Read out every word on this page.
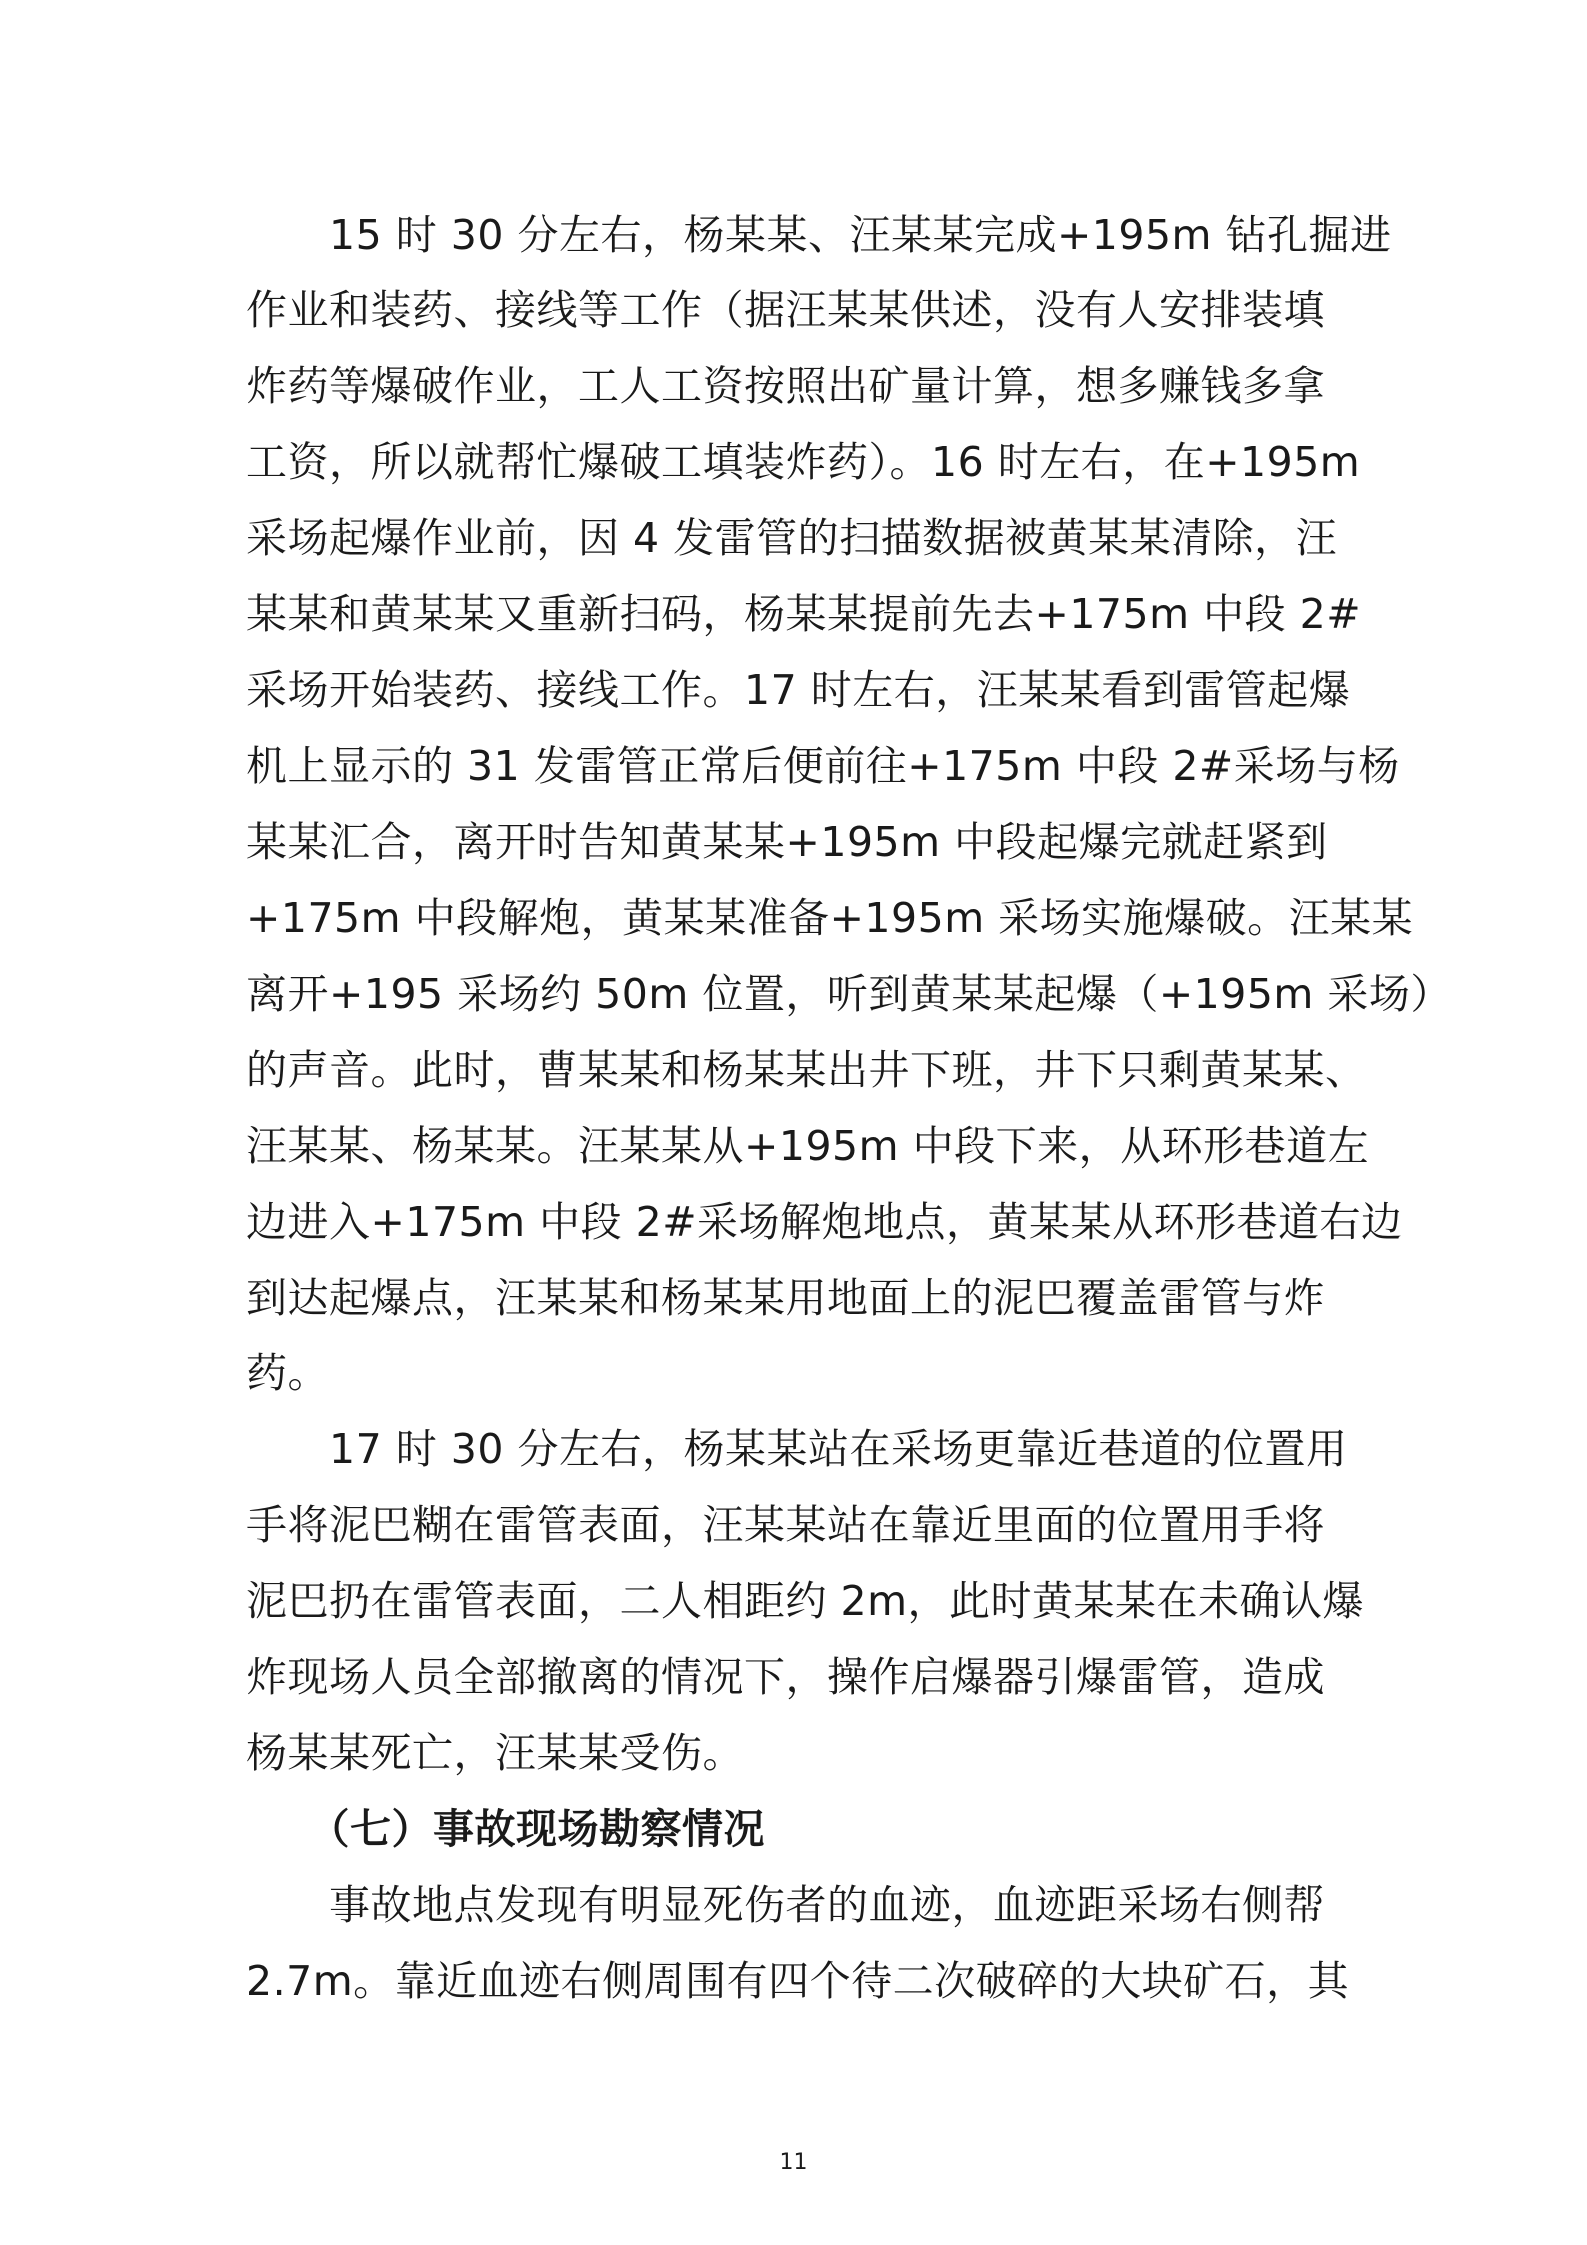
　　15 时 30 分左右，杨某某、汪某某完成+195m 钻孔掘进
作业和装药、接线等工作（据汪某某供述，没有人安排装填
炸药等爆破作业，工人工资按照出矿量计算，想多赚钱多拿
工资，所以就帮忙爆破工填装炸药）。16 时左右，在+195m
采场起爆作业前，因 4 发雷管的扫描数据被黄某某清除，汪
某某和黄某某又重新扫码，杨某某提前先去+175m 中段 2#
采场开始装药、接线工作。17 时左右，汪某某看到雷管起爆
机上显示的 31 发雷管正常后便前往+175m 中段 2#采场与杨
某某汇合，离开时告知黄某某+195m 中段起爆完就赶紧到
+175m 中段解炮，黄某某准备+195m 采场实施爆破。汪某某
离开+195 采场约 50m 位置，听到黄某某起爆（+195m 采场）
的声音。此时，曹某某和杨某某出井下班，井下只剩黄某某、
汪某某、杨某某。汪某某从+195m 中段下来，从环形巷道左
边进入+175m 中段 2#采场解炮地点，黄某某从环形巷道右边
到达起爆点，汪某某和杨某某用地面上的泥巴覆盖雷管与炸
药。
　　17 时 30 分左右，杨某某站在采场更靠近巷道的位置用
手将泥巴糊在雷管表面，汪某某站在靠近里面的位置用手将
泥巴扔在雷管表面，二人相距约 2m，此时黄某某在未确认爆
炸现场人员全部撤离的情况下，操作启爆器引爆雷管，造成
杨某某死亡，汪某某受伤。
　　（七）事故现场勘察情况
　　事故地点发现有明显死伤者的血迹，血迹距采场右侧帮
2.7m。靠近血迹右侧周围有四个待二次破碎的大块矿石，其
11
